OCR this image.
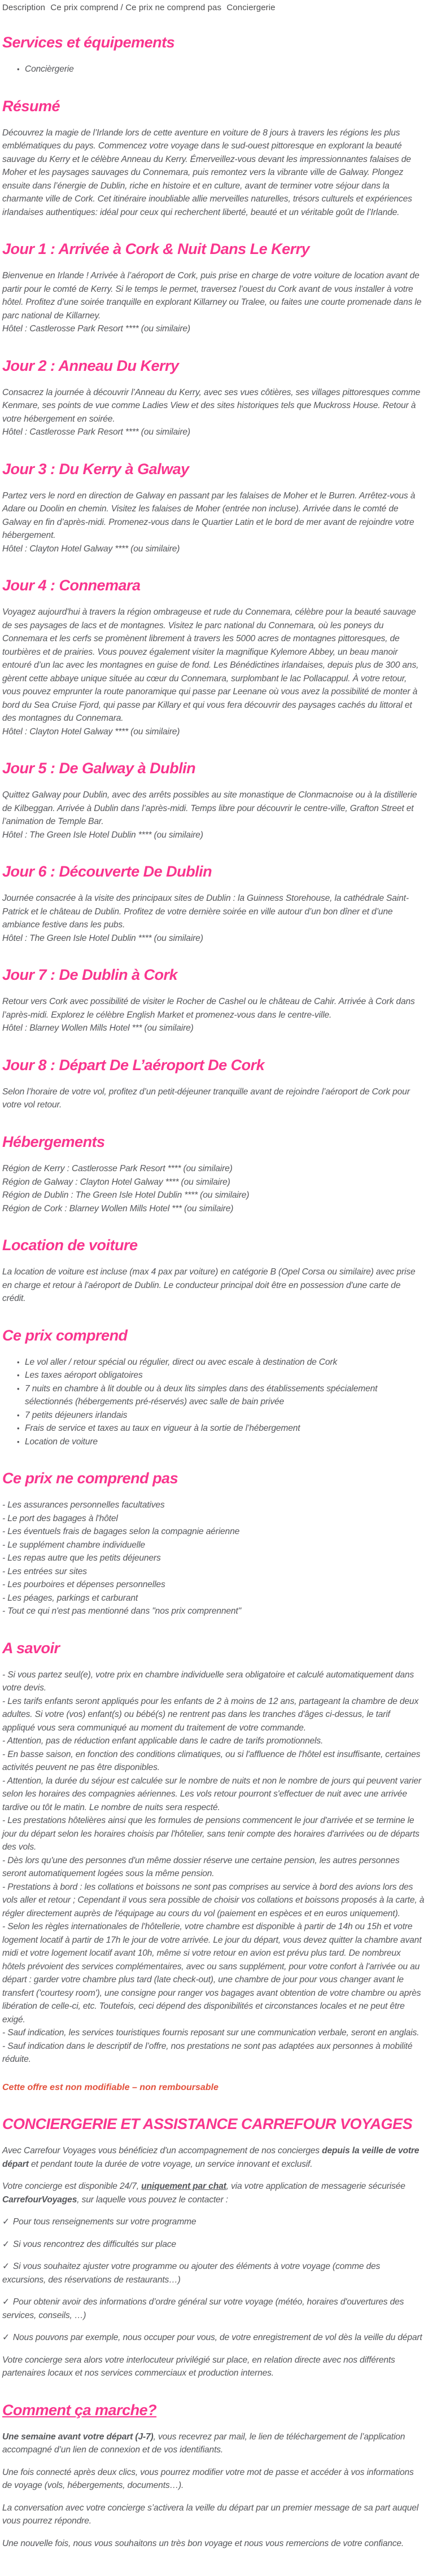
Description Ce prix comprend / Ce prix ne comprend pas Conciergerie
Services et équipements
• Concièrgerie
Résumé
Découvrez la magie de l’Irlande lors de cette aventure en voiture de 8 jours à travers les régions les plus emblématiques du pays. Commencez votre voyage dans le sud-ouest pittoresque en explorant la beauté sauvage du Kerry et le célèbre Anneau du Kerry. Émerveillez-vous devant les impressionnantes falaises de Moher et les paysages sauvages du Connemara, puis remontez vers la vibrante ville de Galway. Plongez ensuite dans l’énergie de Dublin, riche en histoire et en culture, avant de terminer votre séjour dans la charmante ville de Cork. Cet itinéraire inoubliable allie merveilles naturelles, trésors culturels et expériences irlandaises authentiques: idéal pour ceux qui recherchent liberté, beauté et un véritable goût de l’Irlande.
Jour 1 : Arrivée à Cork & Nuit Dans Le Kerry
Bienvenue en Irlande ! Arrivée à l’aéroport de Cork, puis prise en charge de votre voiture de location avant de partir pour le comté de Kerry. Si le temps le permet, traversez l’ouest du Cork avant de vous installer à votre hôtel. Profitez d’une soirée tranquille en explorant Killarney ou Tralee, ou faites une courte promenade dans le parc national de Killarney.
Hôtel : Castlerosse Park Resort **** (ou similaire)
Jour 2 : Anneau Du Kerry
Consacrez la journée à découvrir l’Anneau du Kerry, avec ses vues côtières, ses villages pittoresques comme Kenmare, ses points de vue comme Ladies View et des sites historiques tels que Muckross House. Retour à votre hébergement en soirée.
Hôtel : Castlerosse Park Resort **** (ou similaire)
Jour 3 : Du Kerry à Galway
Partez vers le nord en direction de Galway en passant par les falaises de Moher et le Burren. Arrêtez-vous à Adare ou Doolin en chemin. Visitez les falaises de Moher (entrée non incluse). Arrivée dans le comté de Galway en fin d’après-midi. Promenez-vous dans le Quartier Latin et le bord de mer avant de rejoindre votre hébergement.
Hôtel : Clayton Hotel Galway **** (ou similaire)
Jour 4 : Connemara
Voyagez aujourd'hui à travers la région ombrageuse et rude du Connemara, célèbre pour la beauté sauvage de ses paysages de lacs et de montagnes. Visitez le parc national du Connemara, où les poneys du Connemara et les cerfs se promènent librement à travers les 5000 acres de montagnes pittoresques, de tourbières et de prairies. Vous pouvez également visiter la magnifique Kylemore Abbey, un beau manoir entouré d’un lac avec les montagnes en guise de fond. Les Bénédictines irlandaises, depuis plus de 300 ans, gèrent cette abbaye unique située au cœur du Connemara, surplombant le lac Pollacappul. À votre retour, vous pouvez emprunter la route panoramique qui passe par Leenane où vous avez la possibilité de monter à bord du Sea Cruise Fjord, qui passe par Killary et qui vous fera découvrir des paysages cachés du littoral et des montagnes du Connemara.
Hôtel : Clayton Hotel Galway **** (ou similaire)
Jour 5 : De Galway à Dublin
Quittez Galway pour Dublin, avec des arrêts possibles au site monastique de Clonmacnoise ou à la distillerie de Kilbeggan. Arrivée à Dublin dans l’après-midi. Temps libre pour découvrir le centre-ville, Grafton Street et l’animation de Temple Bar.
Hôtel : The Green Isle Hotel Dublin **** (ou similaire)
Jour 6 : Découverte De Dublin
Journée consacrée à la visite des principaux sites de Dublin : la Guinness Storehouse, la cathédrale Saint-Patrick et le château de Dublin. Profitez de votre dernière soirée en ville autour d’un bon dîner et d’une ambiance festive dans les pubs.
Hôtel : The Green Isle Hotel Dublin **** (ou similaire)
Jour 7 : De Dublin à Cork
Retour vers Cork avec possibilité de visiter le Rocher de Cashel ou le château de Cahir. Arrivée à Cork dans l’après-midi. Explorez le célèbre English Market et promenez-vous dans le centre-ville.
Hôtel : Blarney Wollen Mills Hotel *** (ou similaire)
Jour 8 : Départ De L’aéroport De Cork
Selon l’horaire de votre vol, profitez d’un petit-déjeuner tranquille avant de rejoindre l’aéroport de Cork pour votre vol retour.
Hébergements
Région de Kerry : Castlerosse Park Resort **** (ou similaire)
Région de Galway : Clayton Hotel Galway **** (ou similaire)
Région de Dublin : The Green Isle Hotel Dublin **** (ou similaire)
Région de Cork : Blarney Wollen Mills Hotel *** (ou similaire)
Location de voiture
La location de voiture est incluse (max 4 pax par voiture) en catégorie B (Opel Corsa ou similaire) avec prise en charge et retour à l'aéroport de Dublin. Le conducteur principal doit être en possession d'une carte de crédit.
Ce prix comprend
• Le vol aller / retour spécial ou régulier, direct ou avec escale à destination de Cork
• Les taxes aéroport obligatoires
• 7 nuits en chambre à lit double ou à deux lits simples dans des établissements spécialement sélectionnés (hébergements pré-réservés) avec salle de bain privée
• 7 petits déjeuners irlandais
• Frais de service et taxes au taux en vigueur à la sortie de l’hébergement
• Location de voiture
Ce prix ne comprend pas
- Les assurances personnelles facultatives
- Le port des bagages à l'hôtel
- Les éventuels frais de bagages selon la compagnie aérienne
- Le supplément chambre individuelle
- Les repas autre que les petits déjeuners
- Les entrées sur sites
- Les pourboires et dépenses personnelles
- Les péages, parkings et carburant
- Tout ce qui n'est pas mentionné dans "nos prix comprennent"
A savoir
- Si vous partez seul(e), votre prix en chambre individuelle sera obligatoire et calculé automatiquement dans votre devis.
- Les tarifs enfants seront appliqués pour les enfants de 2 à moins de 12 ans, partageant la chambre de deux adultes. Si votre (vos) enfant(s) ou bébé(s) ne rentrent pas dans les tranches d'âges ci-dessus, le tarif appliqué vous sera communiqué au moment du traitement de votre commande.
- Attention, pas de réduction enfant applicable dans le cadre de tarifs promotionnels.
- En basse saison, en fonction des conditions climatiques, ou si l'affluence de l'hôtel est insuffisante, certaines activités peuvent ne pas être disponibles.
- Attention, la durée du séjour est calculée sur le nombre de nuits et non le nombre de jours qui peuvent varier selon les horaires des compagnies aériennes. Les vols retour pourront s'effectuer de nuit avec une arrivée tardive ou tôt le matin. Le nombre de nuits sera respecté.
- Les prestations hôtelières ainsi que les formules de pensions commencent le jour d'arrivée et se termine le jour du départ selon les horaires choisis par l'hôtelier, sans tenir compte des horaires d'arrivées ou de départs des vols.
- Dès lors qu'une des personnes d'un même dossier réserve une certaine pension, les autres personnes seront automatiquement logées sous la même pension.
- Prestations à bord : les collations et boissons ne sont pas comprises au service à bord des avions lors des vols aller et retour ; Cependant il vous sera possible de choisir vos collations et boissons proposés à la carte, à régler directement auprès de l'équipage au cours du vol (paiement en espèces et en euros uniquement).
- Selon les règles internationales de l'hôtellerie, votre chambre est disponible à partir de 14h ou 15h et votre logement locatif à partir de 17h le jour de votre arrivée. Le jour du départ, vous devez quitter la chambre avant midi et votre logement locatif avant 10h, même si votre retour en avion est prévu plus tard. De nombreux hôtels prévoient des services complémentaires, avec ou sans supplément, pour votre confort à l'arrivée ou au départ : garder votre chambre plus tard (late check-out), une chambre de jour pour vous changer avant le transfert ('courtesy room'), une consigne pour ranger vos bagages avant obtention de votre chambre ou après libération de celle-ci, etc. Toutefois, ceci dépend des disponibilités et circonstances locales et ne peut être exigé.
- Sauf indication, les services touristiques fournis reposant sur une communication verbale, seront en anglais.
- Sauf indication dans le descriptif de l’offre, nos prestations ne sont pas adaptées aux personnes à mobilité réduite.
Cette offre est non modifiable – non remboursable
CONCIERGERIE ET ASSISTANCE CARREFOUR VOYAGES
Avec Carrefour Voyages vous bénéficiez d'un accompagnement de nos concierges depuis la veille de votre départ et pendant toute la durée de votre voyage, un service innovant et exclusif.
Votre concierge est disponible 24/7, uniquement par chat, via votre application de messagerie sécurisée CarrefourVoyages, sur laquelle vous pouvez le contacter :
✓ Pour tous renseignements sur votre programme
✓ Si vous rencontrez des difficultés sur place
✓ Si vous souhaitez ajuster votre programme ou ajouter des éléments à votre voyage (comme des excursions, des réservations de restaurants…)
✓ Pour obtenir avoir des informations d’ordre général sur votre voyage (météo, horaires d'ouvertures des services, conseils, …)
✓ Nous pouvons par exemple, nous occuper pour vous, de votre enregistrement de vol dès la veille du départ
Votre concierge sera alors votre interlocuteur privilégié sur place, en relation directe avec nos différents partenaires locaux et nos services commerciaux et production internes.
Comment ça marche?
Une semaine avant votre départ (J-7), vous recevrez par mail, le lien de téléchargement de l’application accompagné d’un lien de connexion et de vos identifiants.
Une fois connecté après deux clics, vous pourrez modifier votre mot de passe et accéder à vos informations de voyage (vols, hébergements, documents…).
La conversation avec votre concierge s’activera la veille du départ par un premier message de sa part auquel vous pourrez répondre.
Une nouvelle fois, nous vous souhaitons un très bon voyage et nous vous remercions de votre confiance.
